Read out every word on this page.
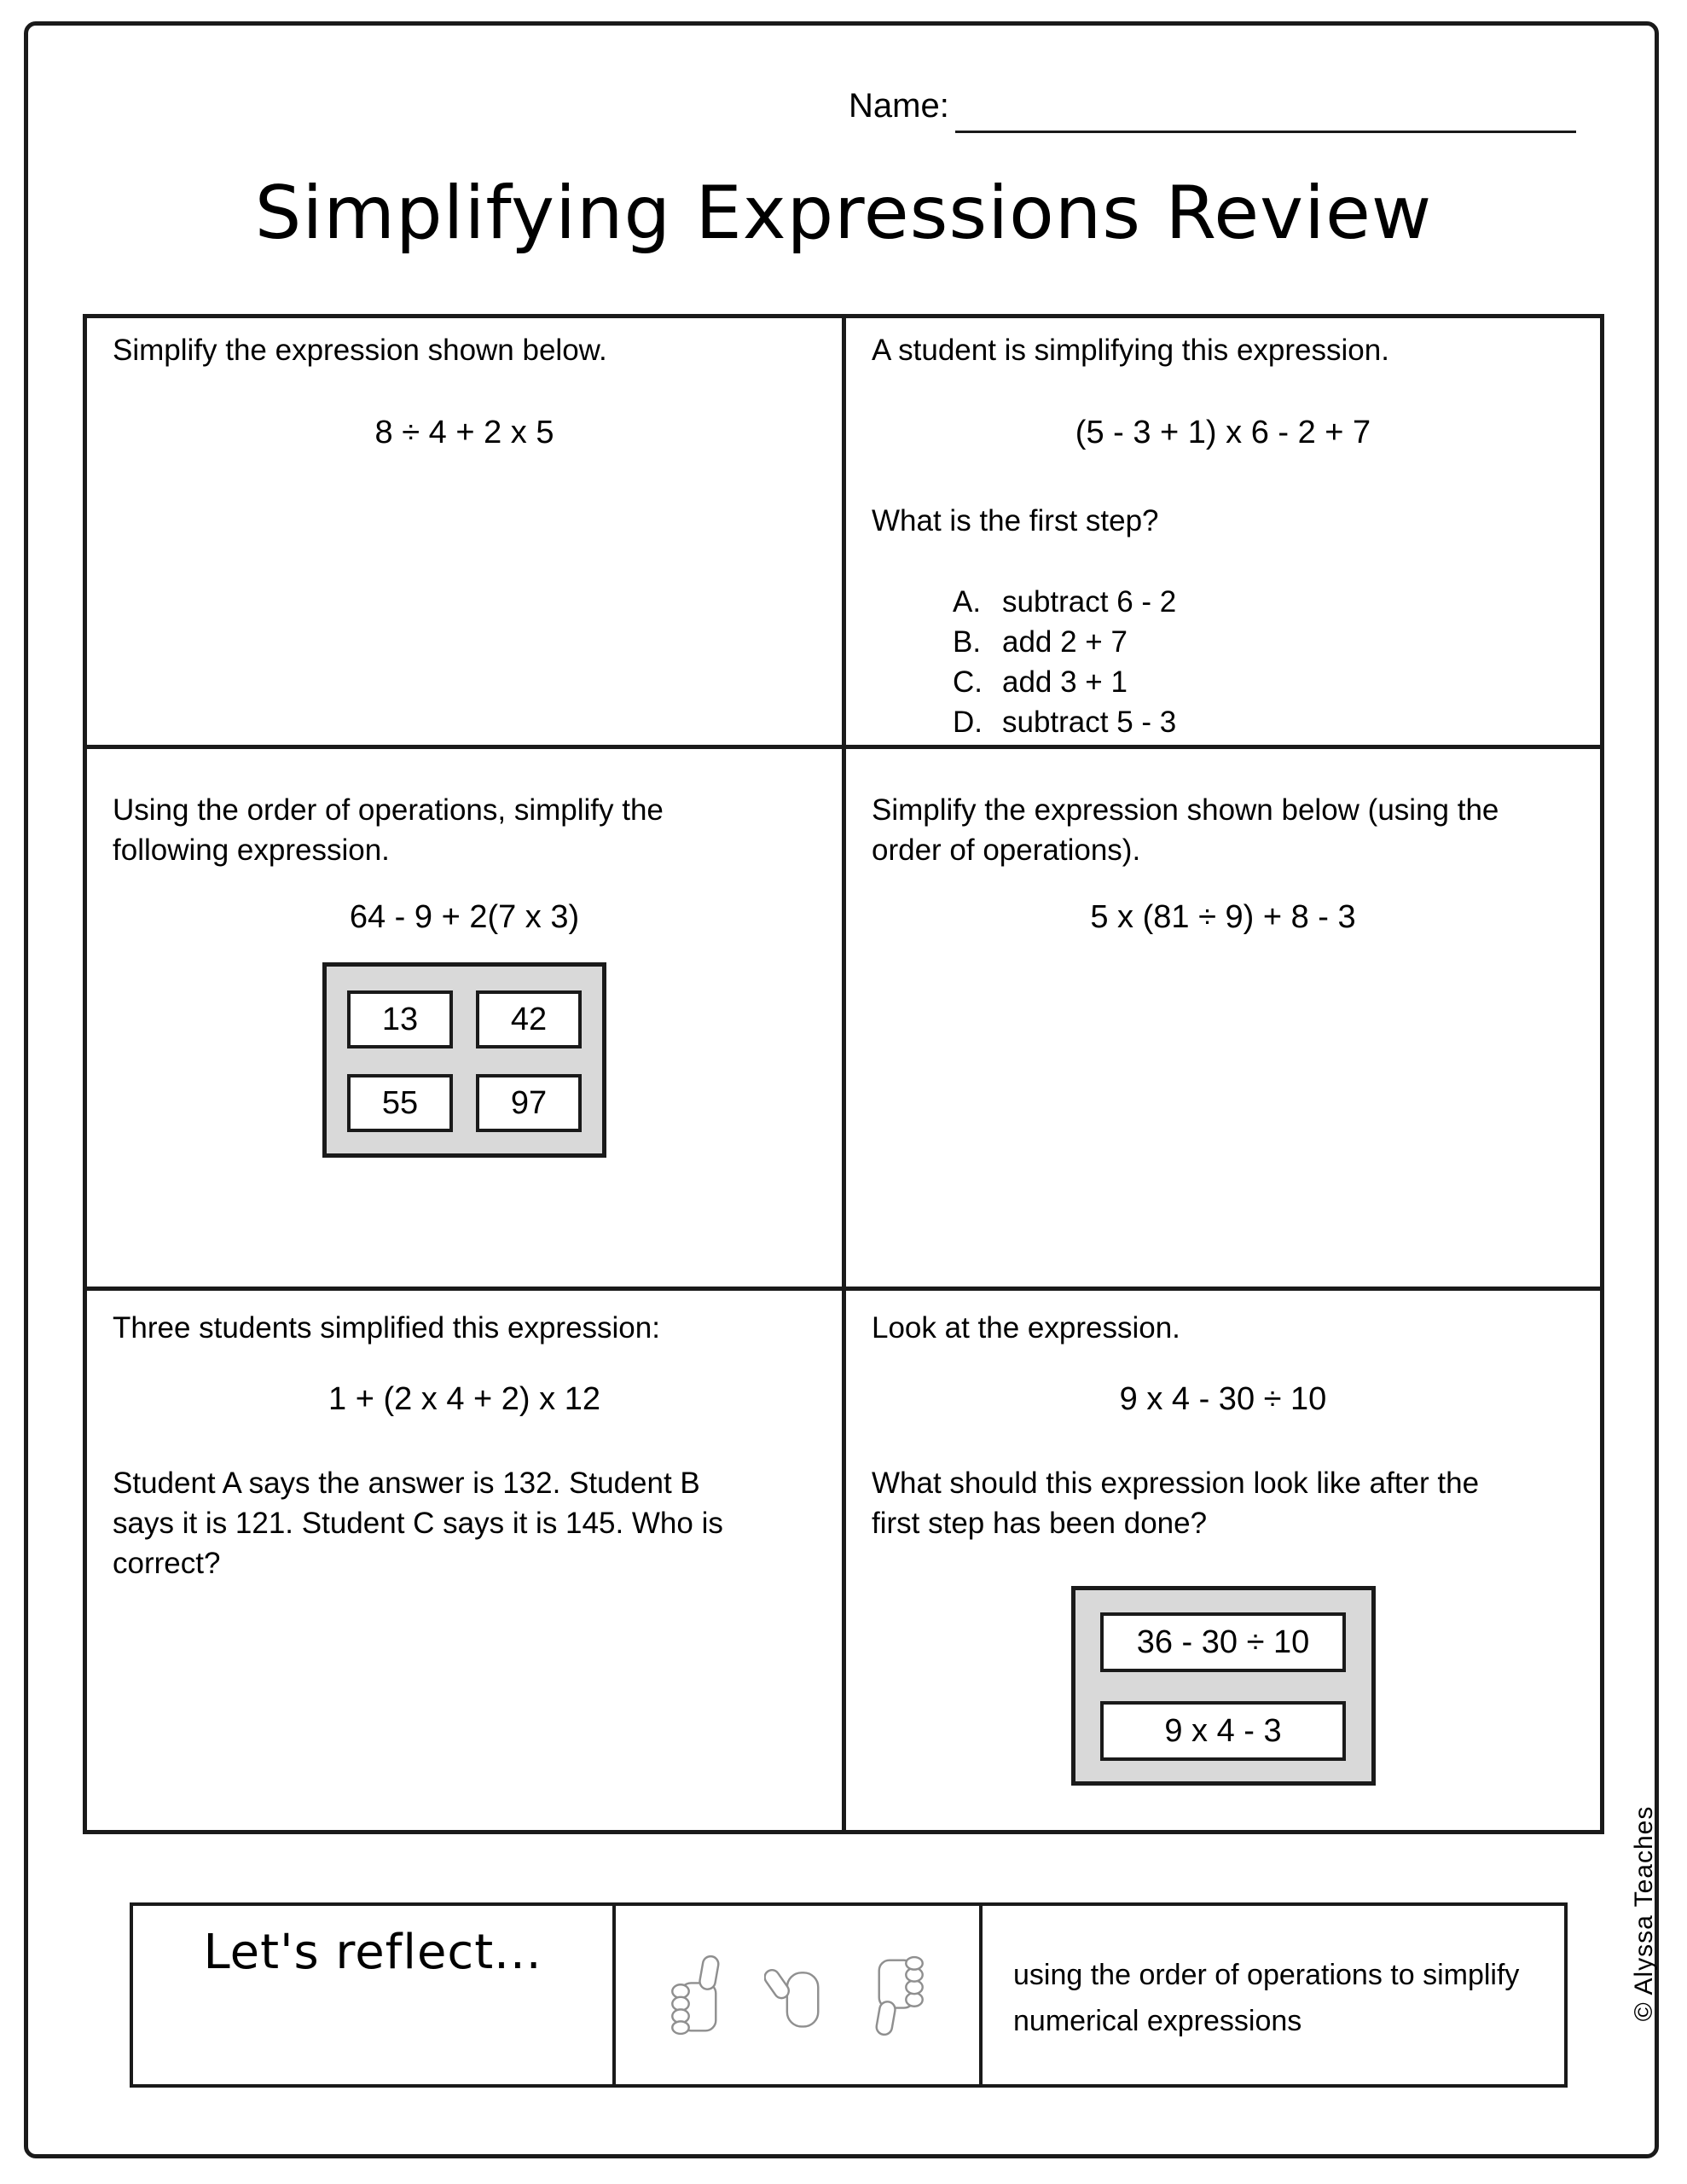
Name:
Simplifying Expressions Review
Simplify the expression shown below.
8 ÷ 4 + 2 x 5
A student is simplifying this expression.
(5 - 3 + 1) x 6 - 2 + 7
What is the first step?
A. subtract 6 - 2
B. add 2 + 7
C. add 3 + 1
D. subtract 5 - 3
Using the order of operations, simplify the
following expression.
64 - 9 + 2(7 x 3)
13	42
55	97
Simplify the expression shown below (using the
order of operations).
5 x (81 ÷ 9) + 8 - 3
Three students simplified this expression:
1 + (2 x 4 + 2) x 12
Student A says the answer is 132. Student B
says it is 121. Student C says it is 145. Who is
correct?
Look at the expression.
9 x 4 - 30 ÷ 10
What should this expression look like after the
first step has been done?
36 - 30 ÷ 10
9 x 4 - 3
Let's reflect...	using the order of operations to simplify
numerical expressions	© Alyssa Teaches
